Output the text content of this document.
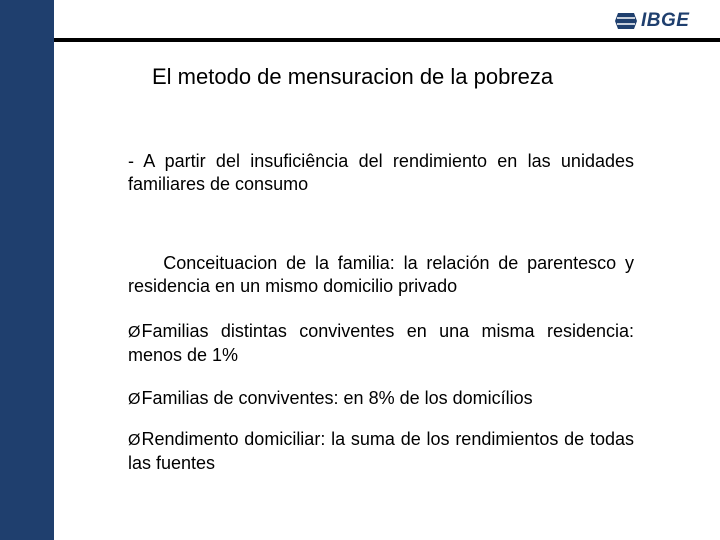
IBGE
El metodo de mensuracion de la pobreza
- A partir del insuficiência del rendimiento en las unidades familiares de consumo

Conceituacion de la familia: la relación de parentesco y residencia en un mismo domicilio privado

ØFamilias distintas conviventes en una misma residencia: menos de 1%
ØFamilias de conviventes: en 8% de los domicílios
ØRendimento domiciliar: la suma de los rendimientos de todas las fuentes
